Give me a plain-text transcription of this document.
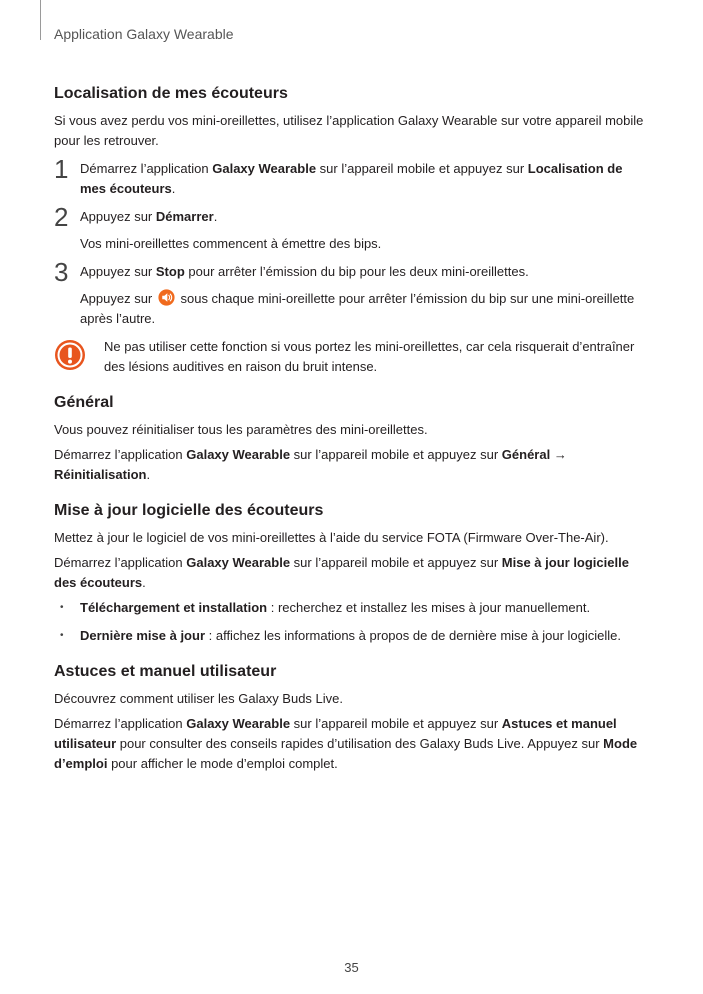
Application Galaxy Wearable
Localisation de mes écouteurs

Si vous avez perdu vos mini-oreillettes, utilisez l’application Galaxy Wearable sur votre appareil mobile pour les retrouver.

1 Démarrez l’application Galaxy Wearable sur l’appareil mobile et appuyez sur Localisation de mes écouteurs.

2 Appuyez sur Démarrer.

Vos mini-oreillettes commencent à émettre des bips.

3 Appuyez sur Stop pour arrêter l’émission du bip pour les deux mini-oreillettes.

Appuyez sur  sous chaque mini-oreillette pour arrêter l’émission du bip sur une mini-oreillette après l’autre.

Ne pas utiliser cette fonction si vous portez les mini-oreillettes, car cela risquerait d’entraîner des lésions auditives en raison du bruit intense.

Général

Vous pouvez réinitialiser tous les paramètres des mini-oreillettes.

Démarrez l’application Galaxy Wearable sur l’appareil mobile et appuyez sur Général → Réinitialisation.

Mise à jour logicielle des écouteurs

Mettez à jour le logiciel de vos mini-oreillettes à l’aide du service FOTA (Firmware Over-The-Air).

Démarrez l’application Galaxy Wearable sur l’appareil mobile et appuyez sur Mise à jour logicielle des écouteurs.

• Téléchargement et installation : recherchez et installez les mises à jour manuellement.
• Dernière mise à jour : affichez les informations à propos de de dernière mise à jour logicielle.
Astuces et manuel utilisateur

Découvrez comment utiliser les Galaxy Buds Live.

Démarrez l’application Galaxy Wearable sur l’appareil mobile et appuyez sur Astuces et manuel utilisateur pour consulter des conseils rapides d’utilisation des Galaxy Buds Live. Appuyez sur Mode d’emploi pour afficher le mode d’emploi complet.

35
